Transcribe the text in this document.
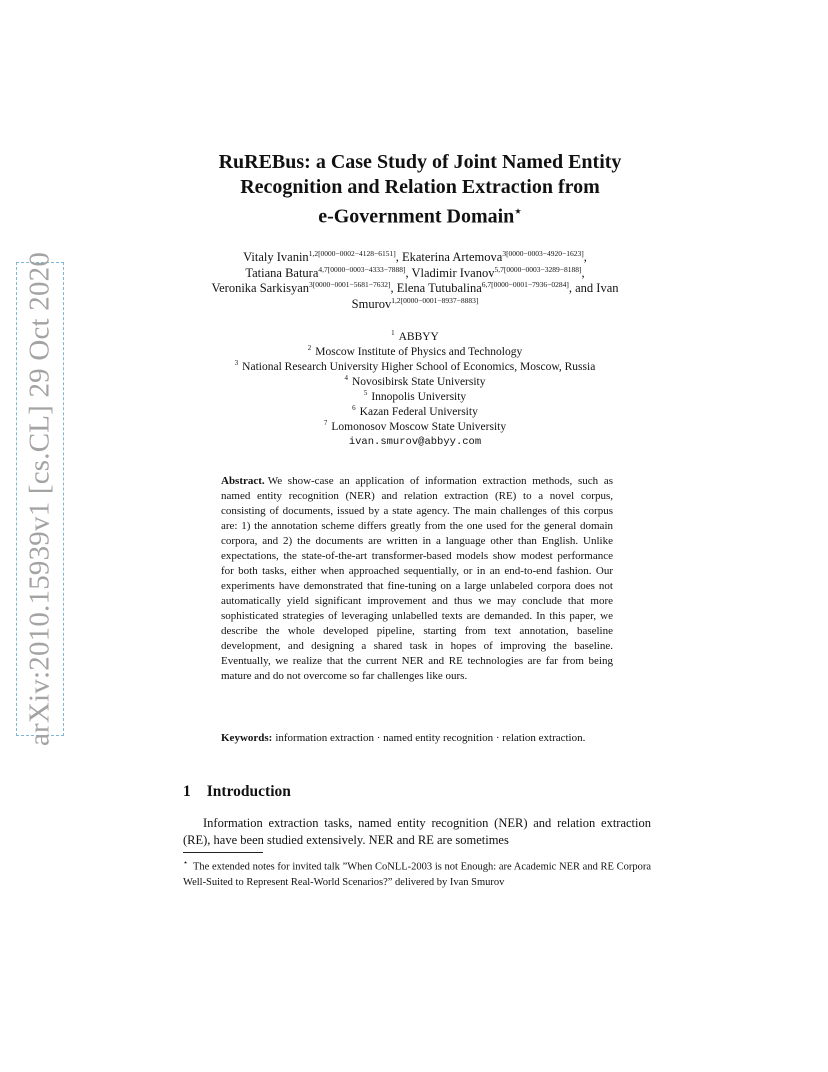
arXiv:2010.15939v1 [cs.CL] 29 Oct 2020
RuREBus: a Case Study of Joint Named Entity
Recognition and Relation Extraction from
e-Government Domain⋆
Vitaly Ivanin$^{1,2[0000-0002-4128-6151]}$, Ekaterina Artemova$^{3[0000-0003-4920-1623]}$,
Tatiana Batura$^{4,7[0000-0003-4333-7888]}$, Vladimir Ivanov$^{5,7[0000-0003-3289-8188]}$,
Veronika Sarkisyan$^{3[0000-0001-5681-7632]}$, Elena Tutubalina$^{6,7[0000-0001-7936-0284]}$, and Ivan Smurov$^{1,2[0000-0001-8937-8883]}$
$^1$ ABBYY
$^2$ Moscow Institute of Physics and Technology
$^3$ National Research University Higher School of Economics, Moscow, Russia
$^4$ Novosibirsk State University
$^5$ Innopolis University
$^6$ Kazan Federal University
$^7$ Lomonosov Moscow State University
ivan.smurov@abbyy.com
Abstract. We show-case an application of information extraction methods, such as named entity recognition (NER) and relation extraction (RE) to a novel corpus, consisting of documents, issued by a state agency. The main challenges of this corpus are: 1) the annotation scheme differs greatly from the one used for the general domain corpora, and 2) the documents are written in a language other than English. Unlike expectations, the state-of-the-art transformer-based models show modest performance for both tasks, either when approached sequentially, or in an end-to-end fashion. Our experiments have demonstrated that fine-tuning on a large unlabeled corpora does not automatically yield significant improvement and thus we may conclude that more sophisticated strategies of leveraging unlabelled texts are demanded. In this paper, we describe the whole developed pipeline, starting from text annotation, baseline development, and designing a shared task in hopes of improving the baseline. Eventually, we realize that the current NER and RE technologies are far from being mature and do not overcome so far challenges like ours.
Keywords: information extraction · named entity recognition · relation extraction.
1 Introduction
Information extraction tasks, named entity recognition (NER) and relation extraction (RE), have been studied extensively. NER and RE are sometimes
⋆ The extended notes for invited talk ”When CoNLL-2003 is not Enough: are Academic NER and RE Corpora Well-Suited to Represent Real-World Scenarios?” delivered by Ivan Smurov
